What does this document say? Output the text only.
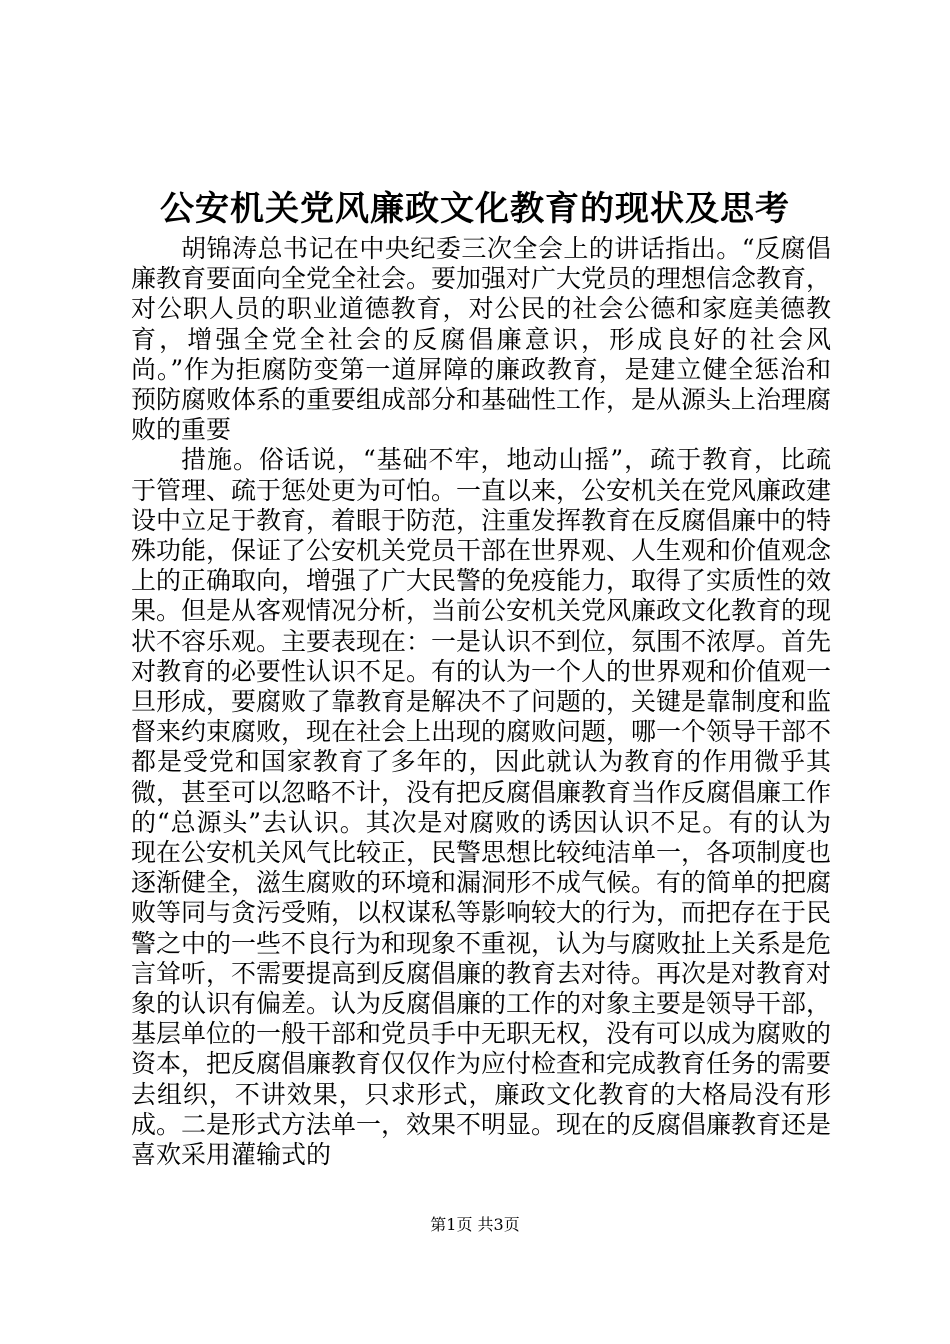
公安机关党风廉政文化教育的现状及思考

胡锦涛总书记在中央纪委三次全会上的讲话指出。“反腐倡廉教育要面向全党全社会。要加强对广大党员的理想信念教育，对公职人员的职业道德教育，对公民的社会公德和家庭美德教育，增强全党全社会的反腐倡廉意识，形成良好的社会风尚。”作为拒腐防变第一道屏障的廉政教育，是建立健全惩治和预防腐败体系的重要组成部分和基础性工作，是从源头上治理腐败的重要

措施。俗话说，“基础不牢，地动山摇”，疏于教育，比疏于管理、疏于惩处更为可怕。一直以来，公安机关在党风廉政建设中立足于教育，着眼于防范，注重发挥教育在反腐倡廉中的特殊功能，保证了公安机关党员干部在世界观、人生观和价值观念上的正确取向，增强了广大民警的免疫能力，取得了实质性的效果。但是从客观情况分析，当前公安机关党风廉政文化教育的现状不容乐观。主要表现在：一是认识不到位，氛围不浓厚。首先对教育的必要性认识不足。有的认为一个人的世界观和价值观一旦形成，要腐败了靠教育是解决不了问题的，关键是靠制度和监督来约束腐败，现在社会上出现的腐败问题，哪一个领导干部不都是受党和国家教育了多年的，因此就认为教育的作用微乎其微，甚至可以忽略不计，没有把反腐倡廉教育当作反腐倡廉工作的“总源头”去认识。其次是对腐败的诱因认识不足。有的认为现在公安机关风气比较正，民警思想比较纯洁单一，各项制度也逐渐健全，滋生腐败的环境和漏洞形不成气候。有的简单的把腐败等同与贪污受贿，以权谋私等影响较大的行为，而把存在于民警之中的一些不良行为和现象不重视，认为与腐败扯上关系是危言耸听，不需要提高到反腐倡廉的教育去对待。再次是对教育对象的认识有偏差。认为反腐倡廉的工作的对象主要是领导干部，基层单位的一般干部和党员手中无职无权，没有可以成为腐败的资本，把反腐倡廉教育仅仅作为应付检查和完成教育任务的需要去组织，不讲效果，只求形式，廉政文化教育的大格局没有形成。二是形式方法单一，效果不明显。现在的反腐倡廉教育还是喜欢采用灌输式的

第1页 共3页
